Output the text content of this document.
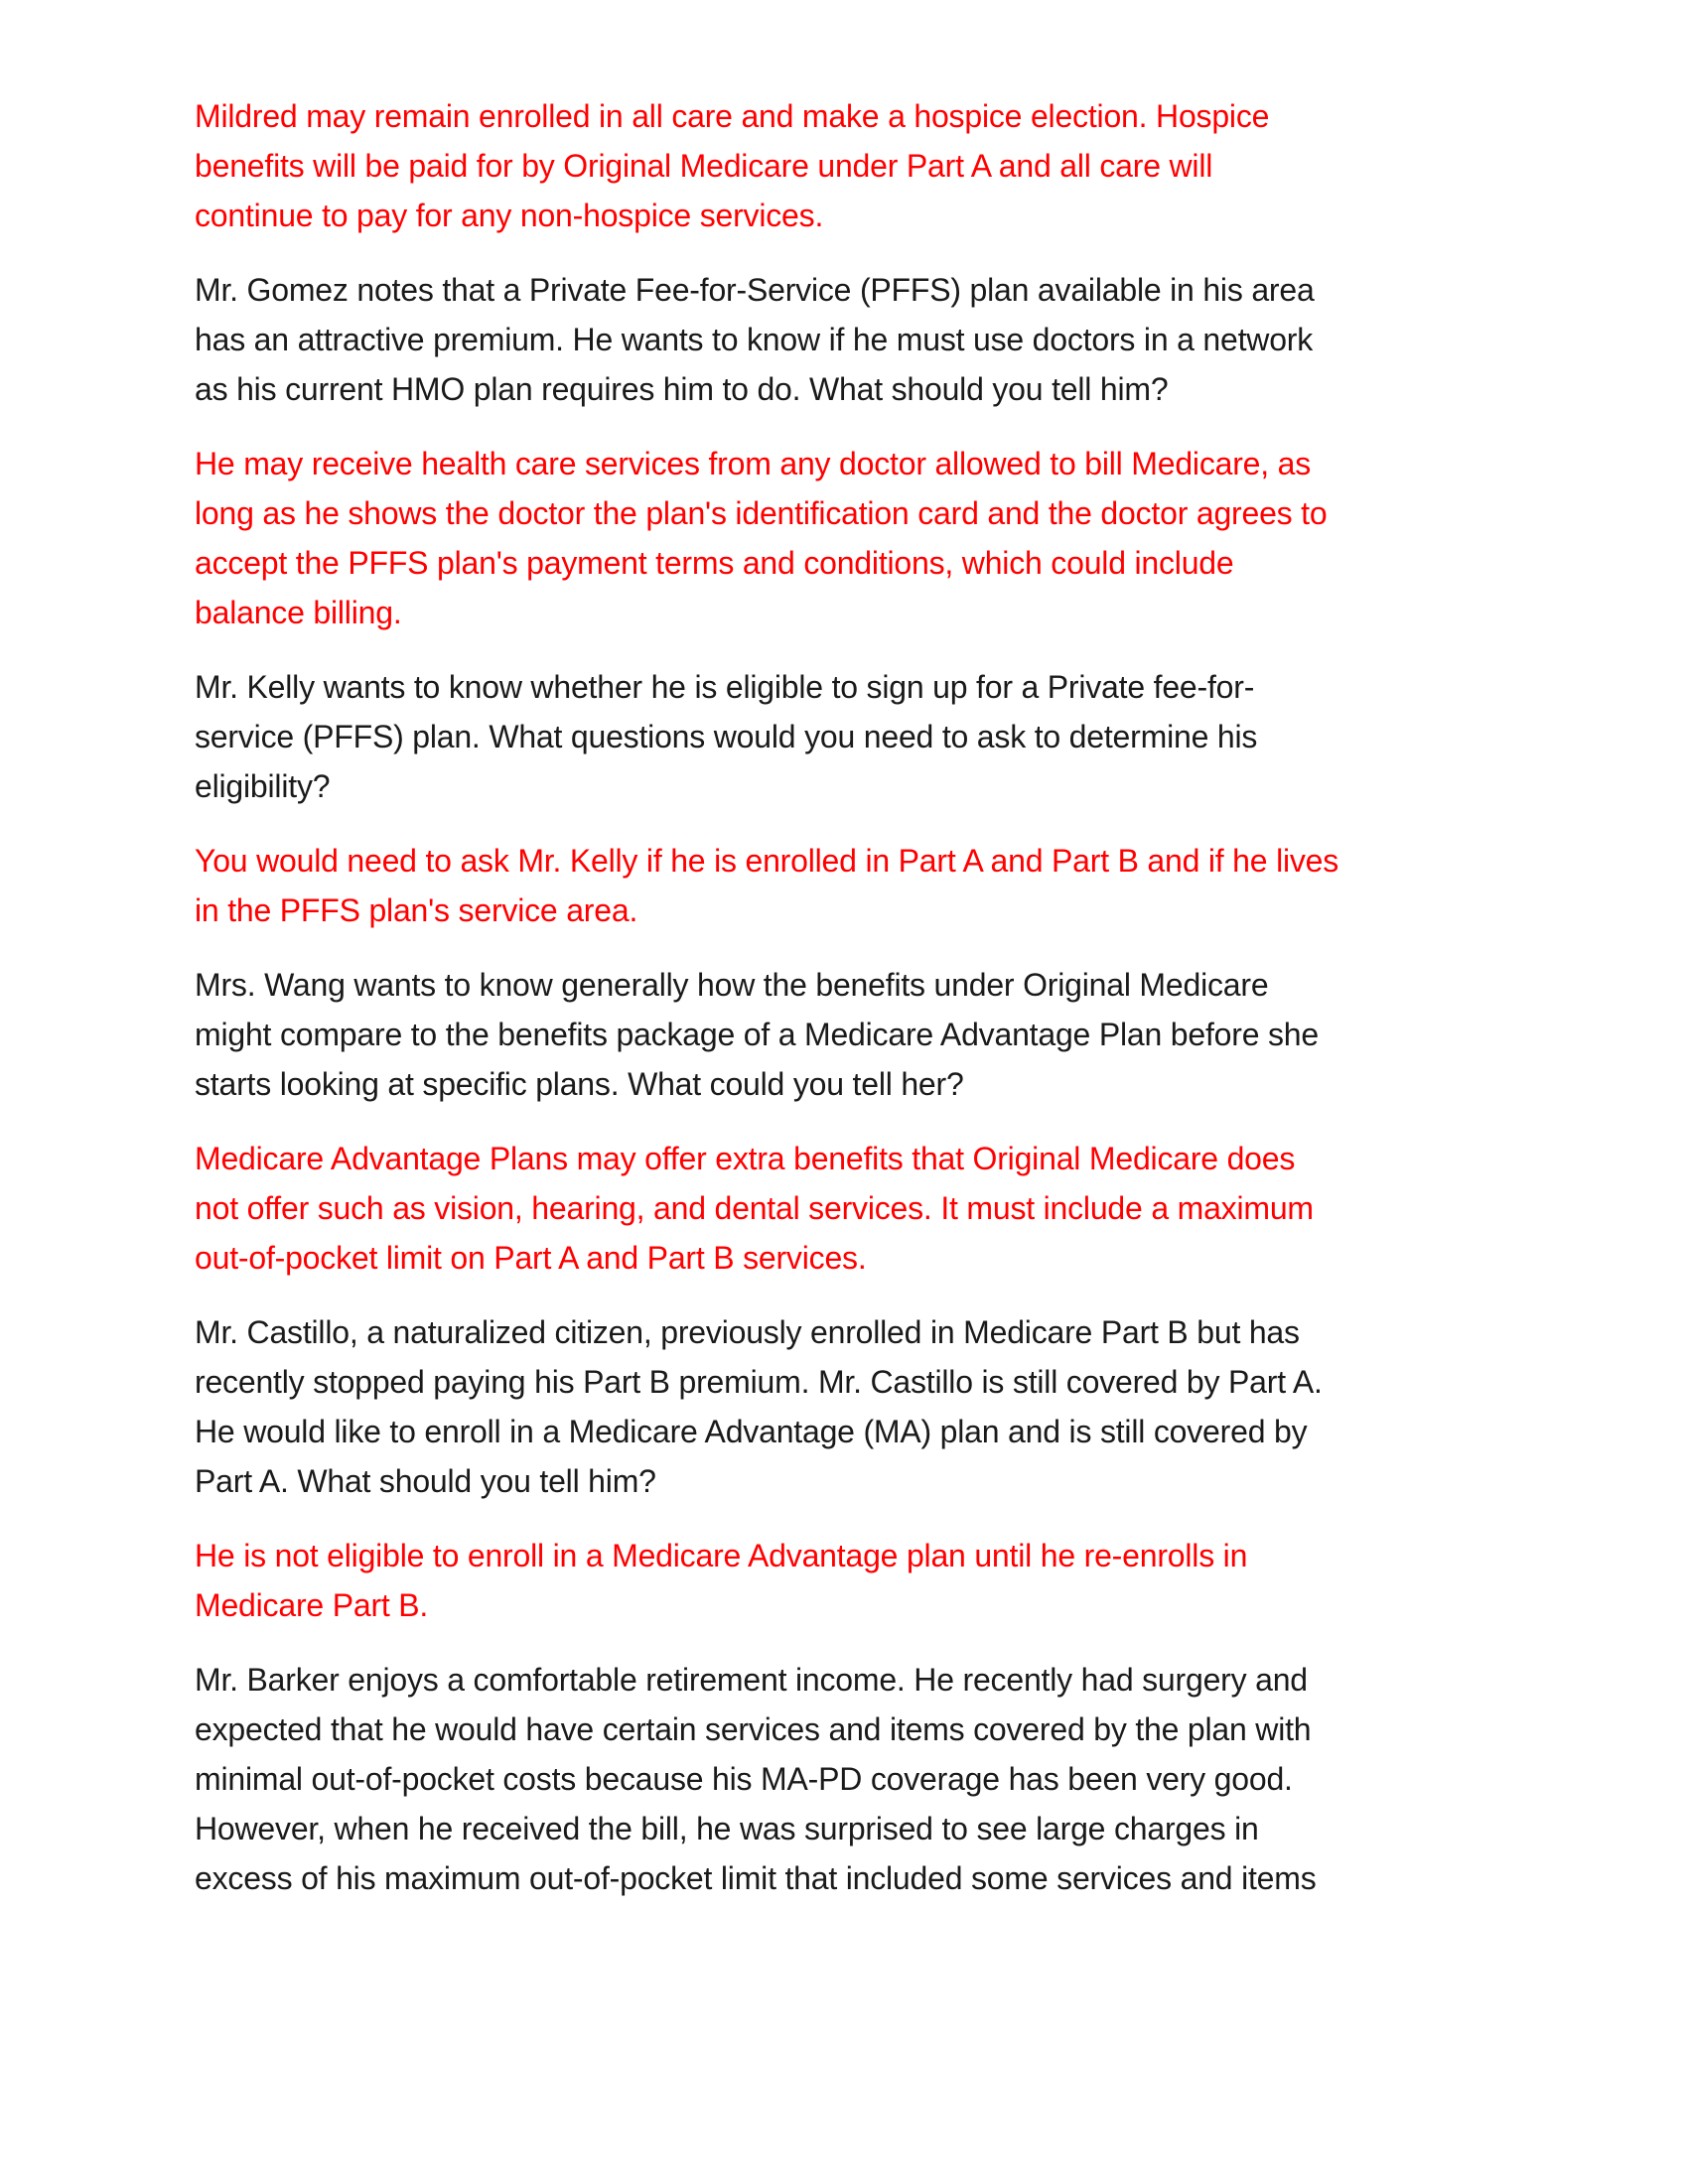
Mildred may remain enrolled in all care and make a hospice election. Hospice
benefits will be paid for by Original Medicare under Part A and all care will
continue to pay for any non-hospice services.

Mr. Gomez notes that a Private Fee-for-Service (PFFS) plan available in his area
has an attractive premium. He wants to know if he must use doctors in a network
as his current HMO plan requires him to do. What should you tell him?

He may receive health care services from any doctor allowed to bill Medicare, as
long as he shows the doctor the plan's identification card and the doctor agrees to
accept the PFFS plan's payment terms and conditions, which could include
balance billing.

Mr. Kelly wants to know whether he is eligible to sign up for a Private fee-for-
service (PFFS) plan. What questions would you need to ask to determine his
eligibility?

You would need to ask Mr. Kelly if he is enrolled in Part A and Part B and if he lives
in the PFFS plan's service area.

Mrs. Wang wants to know generally how the benefits under Original Medicare
might compare to the benefits package of a Medicare Advantage Plan before she
starts looking at specific plans. What could you tell her?

Medicare Advantage Plans may offer extra benefits that Original Medicare does
not offer such as vision, hearing, and dental services. It must include a maximum
out-of-pocket limit on Part A and Part B services.

Mr. Castillo, a naturalized citizen, previously enrolled in Medicare Part B but has
recently stopped paying his Part B premium. Mr. Castillo is still covered by Part A.
He would like to enroll in a Medicare Advantage (MA) plan and is still covered by
Part A. What should you tell him?

He is not eligible to enroll in a Medicare Advantage plan until he re-enrolls in
Medicare Part B.

Mr. Barker enjoys a comfortable retirement income. He recently had surgery and
expected that he would have certain services and items covered by the plan with
minimal out-of-pocket costs because his MA-PD coverage has been very good.
However, when he received the bill, he was surprised to see large charges in
excess of his maximum out-of-pocket limit that included some services and items
